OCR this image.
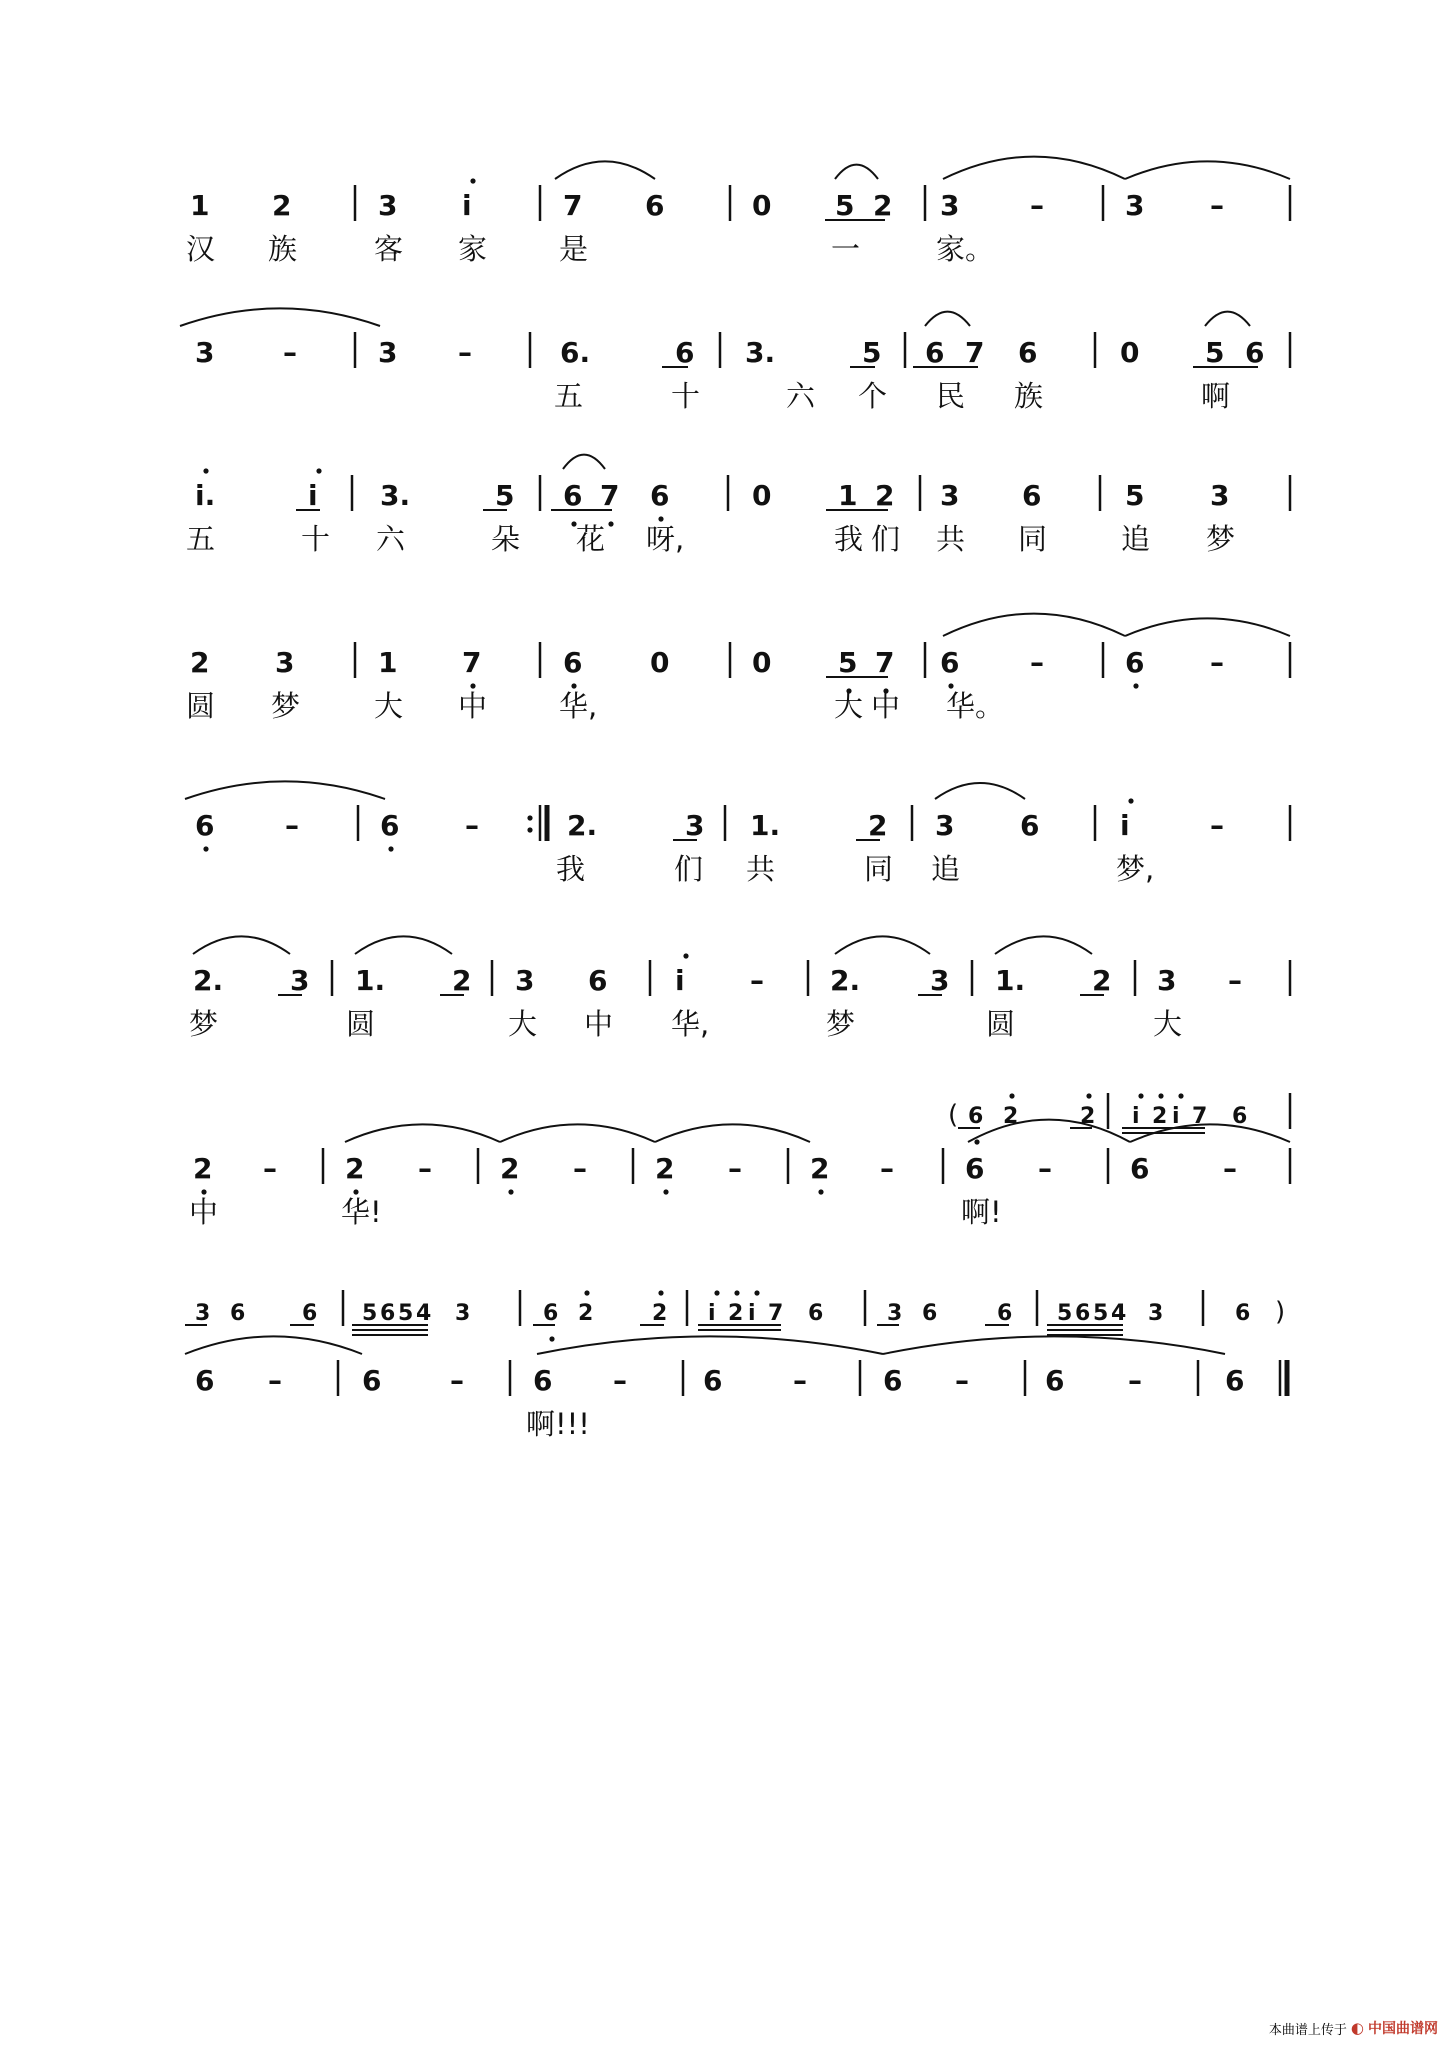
1 2	3 i	7 6	0 5 2 3	–	3 –
汉 族	客 家 是	一	家。
3 –	3 –	6.	6 3.	5 6 7 6	0 5 6
五	十	六 个 民 族	啊
i.	i 3.	5 6 7 6	0 1 2 3 6	5 3
五	十 六	朵 花 呀,	我 们 共 同	追 梦
2 3	1 7	6 0	0 5 7 6	–	6 –
圆 梦	大 中 华,	大 中 华。
6	–	6 –	2.	3 1.	2 3 6	i	–
我	们 共	同 追	梦,
2. 3 1. 2 3 6 i – 2. 3 1. 2 3 –
梦	圆	大 中 华,	梦	圆	大
2 – 2 – 2 – 2 – 2 –	6 –	6	–
中	华!	啊!
6 –	6 – 6 –	6	–	6 –	6 –	6
啊!!!
( 6 2	2 i 2 i 7 6
3 6	6 5 6 5 4 3	6 2	2 i 2 i 7 6	3 6	6 5 6 5 4 3	6 )
本曲谱上传于 ◐ 中国曲谱网
